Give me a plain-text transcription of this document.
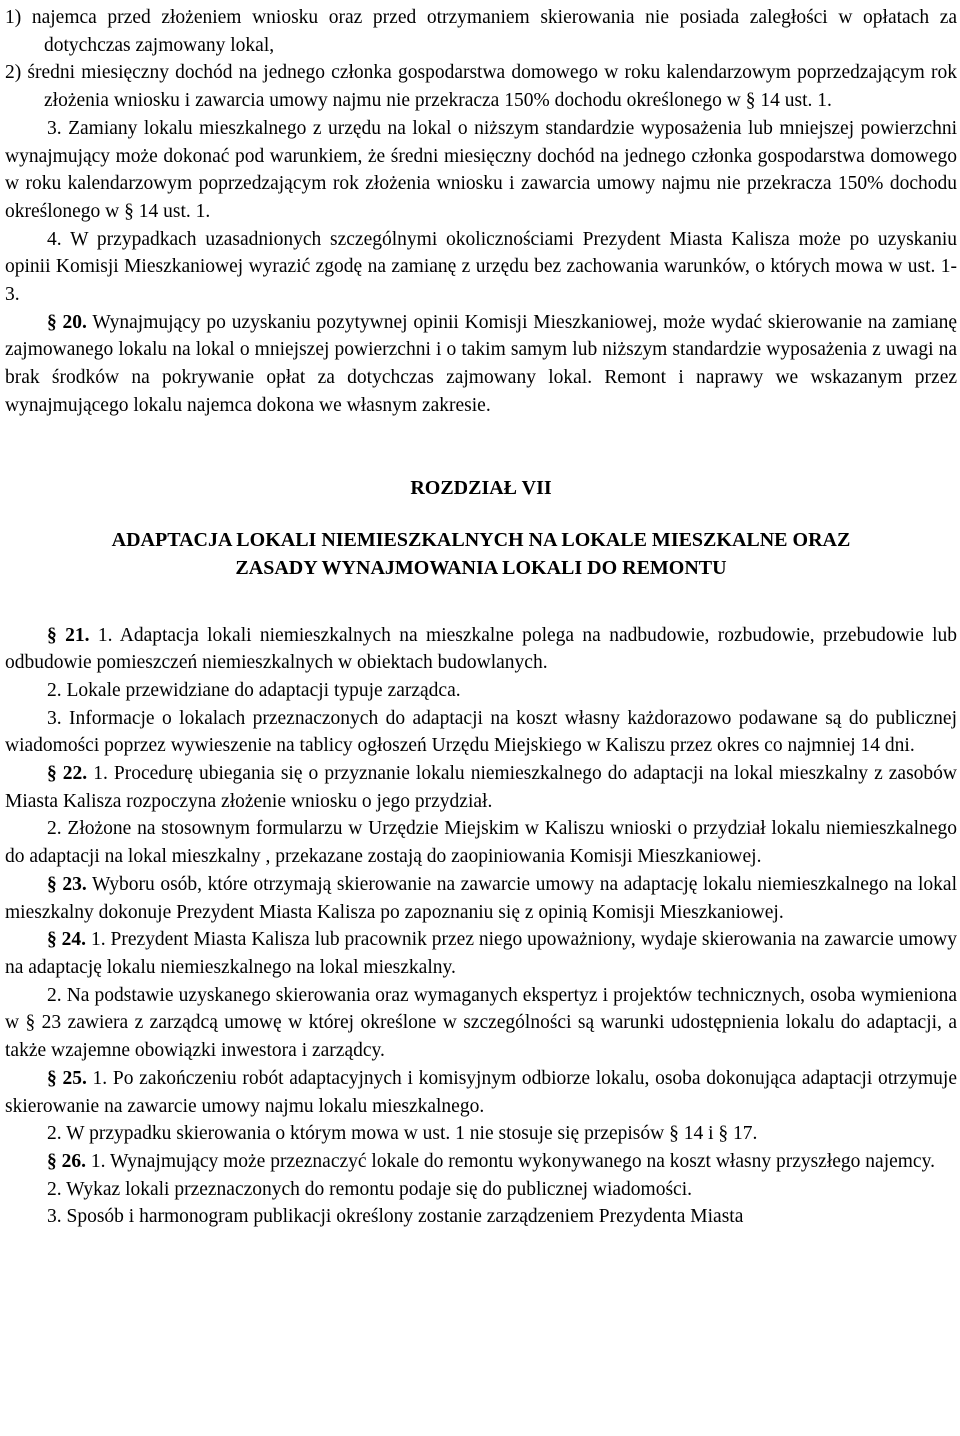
1) najemca przed złożeniem wniosku oraz przed otrzymaniem skierowania nie posiada zaległości w opłatach za dotychczas zajmowany lokal,

2) średni miesięczny dochód na jednego członka gospodarstwa domowego w roku kalendarzowym poprzedzającym rok złożenia wniosku i zawarcia umowy najmu nie przekracza 150% dochodu określonego w § 14 ust. 1.

3. Zamiany lokalu mieszkalnego z urzędu na lokal o niższym standardzie wyposażenia lub mniejszej powierzchni wynajmujący może dokonać pod warunkiem, że średni miesięczny dochód na jednego członka gospodarstwa domowego w roku kalendarzowym poprzedzającym rok złożenia wniosku i zawarcia umowy najmu nie przekracza 150% dochodu określonego w § 14 ust. 1.

4. W przypadkach uzasadnionych szczególnymi okolicznościami Prezydent Miasta Kalisza może po uzyskaniu opinii Komisji Mieszkaniowej wyrazić zgodę na zamianę z urzędu bez zachowania warunków, o których mowa w ust. 1-3.

§ 20. Wynajmujący po uzyskaniu pozytywnej opinii Komisji Mieszkaniowej, może wydać skierowanie na zamianę zajmowanego lokalu na lokal o mniejszej powierzchni i o takim samym lub niższym standardzie wyposażenia z uwagi na brak środków na pokrywanie opłat za dotychczas zajmowany lokal. Remont i naprawy we wskazanym przez wynajmującego lokalu najemca dokona we własnym zakresie.

ROZDZIAŁ VII

ADAPTACJA LOKALI NIEMIESZKALNYCH NA LOKALE MIESZKALNE ORAZ

ZASADY WYNAJMOWANIA LOKALI DO REMONTU

§ 21. 1. Adaptacja lokali niemieszkalnych na mieszkalne polega na nadbudowie, rozbudowie, przebudowie lub odbudowie pomieszczeń niemieszkalnych w obiektach budowlanych.

2. Lokale przewidziane do adaptacji typuje zarządca.

3. Informacje o lokalach przeznaczonych do adaptacji na koszt własny każdorazowo podawane są do publicznej wiadomości poprzez wywieszenie na tablicy ogłoszeń Urzędu Miejskiego w Kaliszu przez okres co najmniej 14 dni.

§ 22. 1. Procedurę ubiegania się o przyznanie lokalu niemieszkalnego do adaptacji na lokal mieszkalny z zasobów Miasta Kalisza rozpoczyna złożenie wniosku o jego przydział.

2. Złożone na stosownym formularzu w Urzędzie Miejskim w Kaliszu wnioski o przydział lokalu niemieszkalnego do adaptacji na lokal mieszkalny , przekazane zostają do zaopiniowania Komisji Mieszkaniowej.

§ 23. Wyboru osób, które otrzymają skierowanie na zawarcie umowy na adaptację lokalu niemieszkalnego na lokal mieszkalny dokonuje Prezydent Miasta Kalisza po zapoznaniu się z opinią Komisji Mieszkaniowej.

§ 24. 1. Prezydent Miasta Kalisza lub pracownik przez niego upoważniony, wydaje skierowania na zawarcie umowy na adaptację lokalu niemieszkalnego na lokal mieszkalny.

2. Na podstawie uzyskanego skierowania oraz wymaganych ekspertyz i projektów technicznych, osoba wymieniona w § 23 zawiera z zarządcą umowę w której określone w szczególności są warunki udostępnienia lokalu do adaptacji, a także wzajemne obowiązki inwestora i zarządcy.

§ 25. 1. Po zakończeniu robót adaptacyjnych i komisyjnym odbiorze lokalu, osoba dokonująca adaptacji otrzymuje skierowanie na zawarcie umowy najmu lokalu mieszkalnego.

2. W przypadku skierowania o którym mowa w ust. 1 nie stosuje się przepisów § 14 i § 17.

§ 26. 1. Wynajmujący może przeznaczyć lokale do remontu wykonywanego na koszt własny przyszłego najemcy.

2. Wykaz lokali przeznaczonych do remontu podaje się do publicznej wiadomości.

3. Sposób i harmonogram publikacji określony zostanie zarządzeniem Prezydenta Miasta
